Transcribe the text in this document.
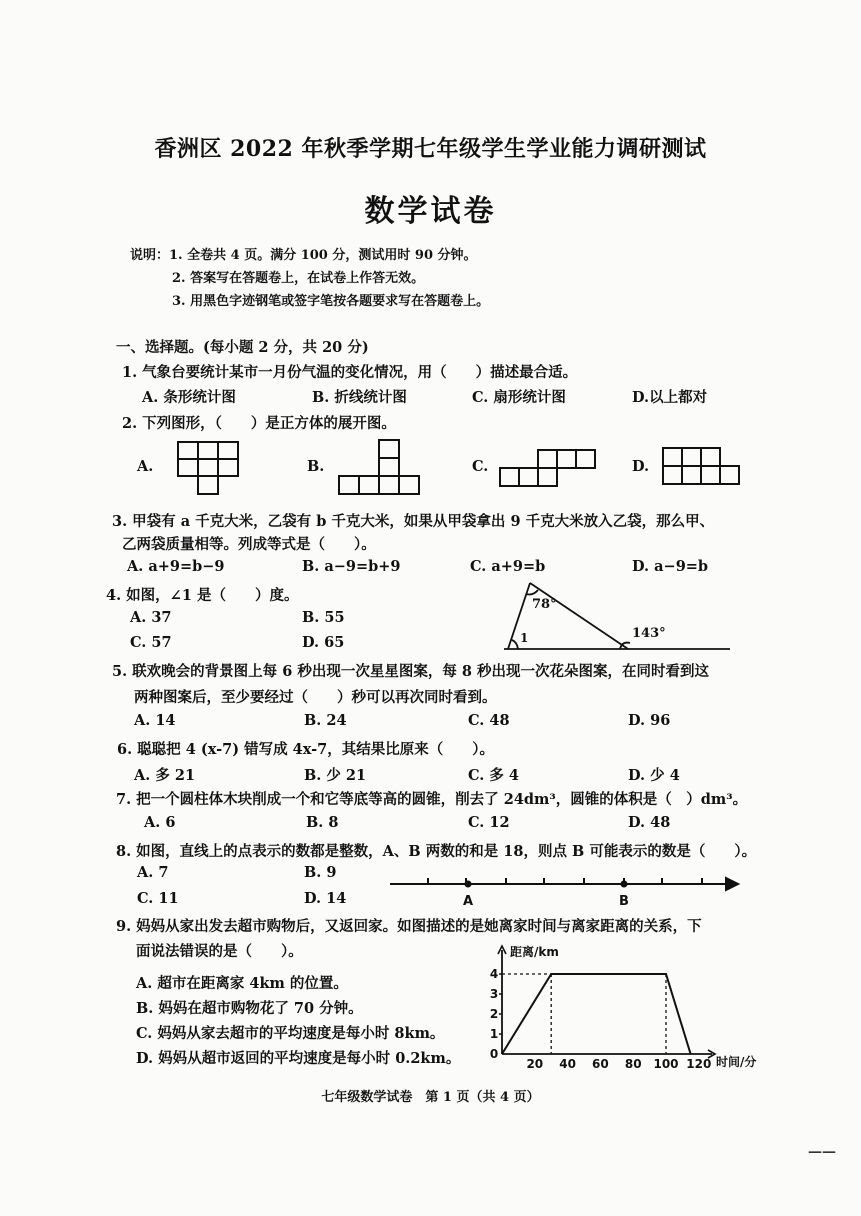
香洲区 2022 年秋季学期七年级学生学业能力调研测试
数学试卷
说明：1. 全卷共 4 页。满分 100 分，测试用时 90 分钟。
2. 答案写在答题卷上，在试卷上作答无效。
3. 用黑色字迹钢笔或签字笔按各题要求写在答题卷上。
一、选择题。(每小题 2 分，共 20 分)
1. 气象台要统计某市一月份气温的变化情况，用（　　）描述最合适。
A. 条形统计图	B. 折线统计图	C. 扇形统计图	D.以上都对
2. 下列图形，（　　）是正方体的展开图。
A.	B.	C.	D.
3. 甲袋有 a 千克大米，乙袋有 b 千克大米，如果从甲袋拿出 9 千克大米放入乙袋，那么甲、
乙两袋质量相等。列成等式是（　　）。
A. a+9=b−9	B. a−9=b+9	C. a+9=b	D. a−9=b
4. 如图，∠1 是（　　）度。
A. 37	B. 55
C. 57	D. 65
78°
143°
1
5. 联欢晚会的背景图上每 6 秒出现一次星星图案，每 8 秒出现一次花朵图案，在同时看到这
两种图案后，至少要经过（　　）秒可以再次同时看到。
A. 14	B. 24	C. 48	D. 96
6. 聪聪把 4 (x-7) 错写成 4x-7，其结果比原来（　　）。
A. 多 21	B. 少 21	C. 多 4	D. 少 4
7. 把一个圆柱体木块削成一个和它等底等高的圆锥，削去了 24dm³，圆锥的体积是（　）dm³。
A. 6	B. 8	C. 12	D. 48
8. 如图，直线上的点表示的数都是整数，A、B 两数的和是 18，则点 B 可能表示的数是（　　）。
A. 7	B. 9
C. 11	D. 14	A	B
9. 妈妈从家出发去超市购物后，又返回家。如图描述的是她离家时间与离家距离的关系，下
面说法错误的是（　　）。
A. 超市在距离家 4km 的位置。
B. 妈妈在超市购物花了 70 分钟。
C. 妈妈从家去超市的平均速度是每小时 8km。
D. 妈妈从超市返回的平均速度是每小时 0.2km。
距离/km
时间/分
0
20 40 60 80 100 120
1
2
3
4
七年级数学试卷　第 1 页（共 4 页）
——
